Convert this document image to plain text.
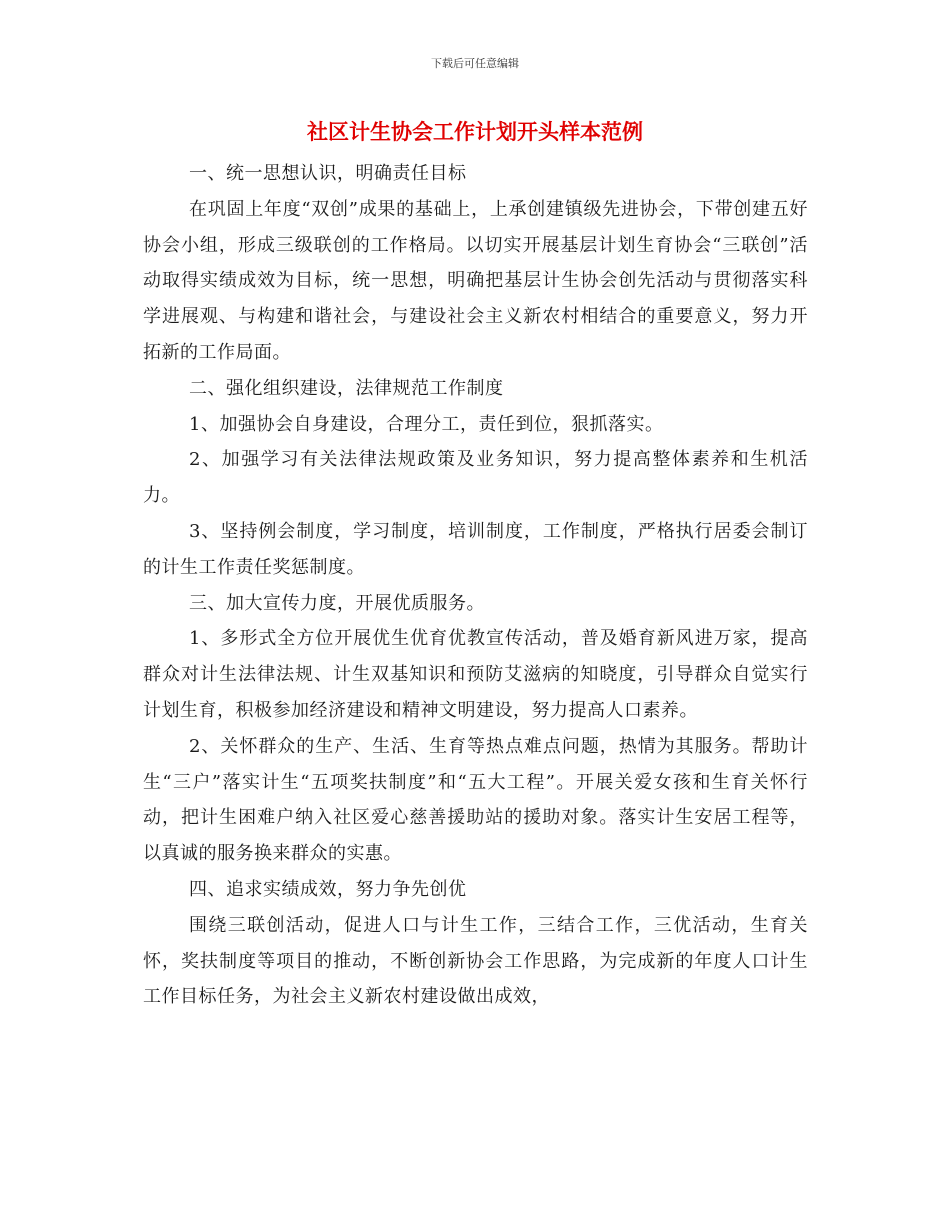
下载后可任意编辑
社区计生协会工作计划开头样本范例

一、统一思想认识，明确责任目标

在巩固上年度“双创”成果的基础上，上承创建镇级先进协会，下带创建五好协会小组，形成三级联创的工作格局。以切实开展基层计划生育协会“三联创”活动取得实绩成效为目标，统一思想，明确把基层计生协会创先活动与贯彻落实科学进展观、与构建和谐社会，与建设社会主义新农村相结合的重要意义，努力开拓新的工作局面。

二、强化组织建设，法律规范工作制度

1、加强协会自身建设，合理分工，责任到位，狠抓落实。

2、加强学习有关法律法规政策及业务知识，努力提高整体素养和生机活力。

3、坚持例会制度，学习制度，培训制度，工作制度，严格执行居委会制订的计生工作责任奖惩制度。

三、加大宣传力度，开展优质服务。

1、多形式全方位开展优生优育优教宣传活动，普及婚育新风进万家，提高群众对计生法律法规、计生双基知识和预防艾滋病的知晓度，引导群众自觉实行计划生育，积极参加经济建设和精神文明建设，努力提高人口素养。

2、关怀群众的生产、生活、生育等热点难点问题，热情为其服务。帮助计生“三户”落实计生“五项奖扶制度”和“五大工程”。开展关爱女孩和生育关怀行动，把计生困难户纳入社区爱心慈善援助站的援助对象。落实计生安居工程等，以真诚的服务换来群众的实惠。

四、追求实绩成效，努力争先创优

围绕三联创活动，促进人口与计生工作，三结合工作，三优活动，生育关怀，奖扶制度等项目的推动，不断创新协会工作思路，为完成新的年度人口计生工作目标任务，为社会主义新农村建设做出成效，
